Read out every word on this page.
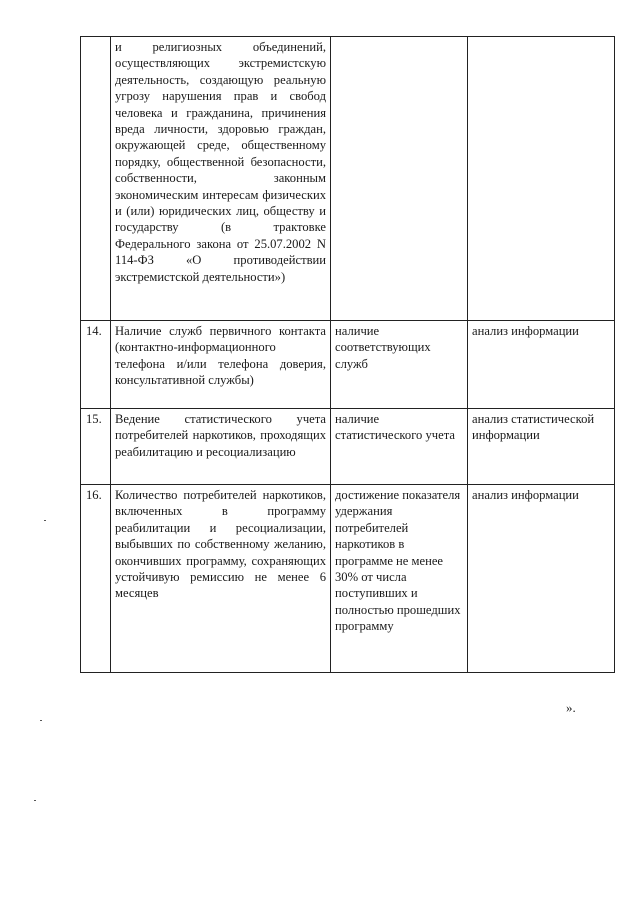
	и религиозных объединений, осуществляющих экстремистскую деятельность, создающую реальную угрозу нарушения прав и свобод человека и гражданина, причинения вреда личности, здоровью граждан, окружающей среде, общественному порядку, общественной безопасности, собственности, законным экономическим интересам физических и (или) юридических лиц, обществу и государству (в трактовке Федерального закона от 25.07.2002 N 114-ФЗ «О противодействии экстремистской деятельности»)		
14.	Наличие служб первичного контакта (контактно-информационного телефона и/или телефона доверия, консультативной службы)	наличие соответствующих служб	анализ информации
15.	Ведение статистического учета потребителей наркотиков, проходящих реабилитацию и ресоциализацию	наличие статистического учета	анализ статистической информации
16.	Количество потребителей наркотиков, включенных в программу реабилитации и ресоциализации, выбывших по собственному желанию, окончивших программу, сохраняющих устойчивую ремиссию не менее 6 месяцев	достижение показателя удержания потребителей наркотиков в программе не менее 30% от числа поступивших и полностью прошедших программу	анализ информации
».
